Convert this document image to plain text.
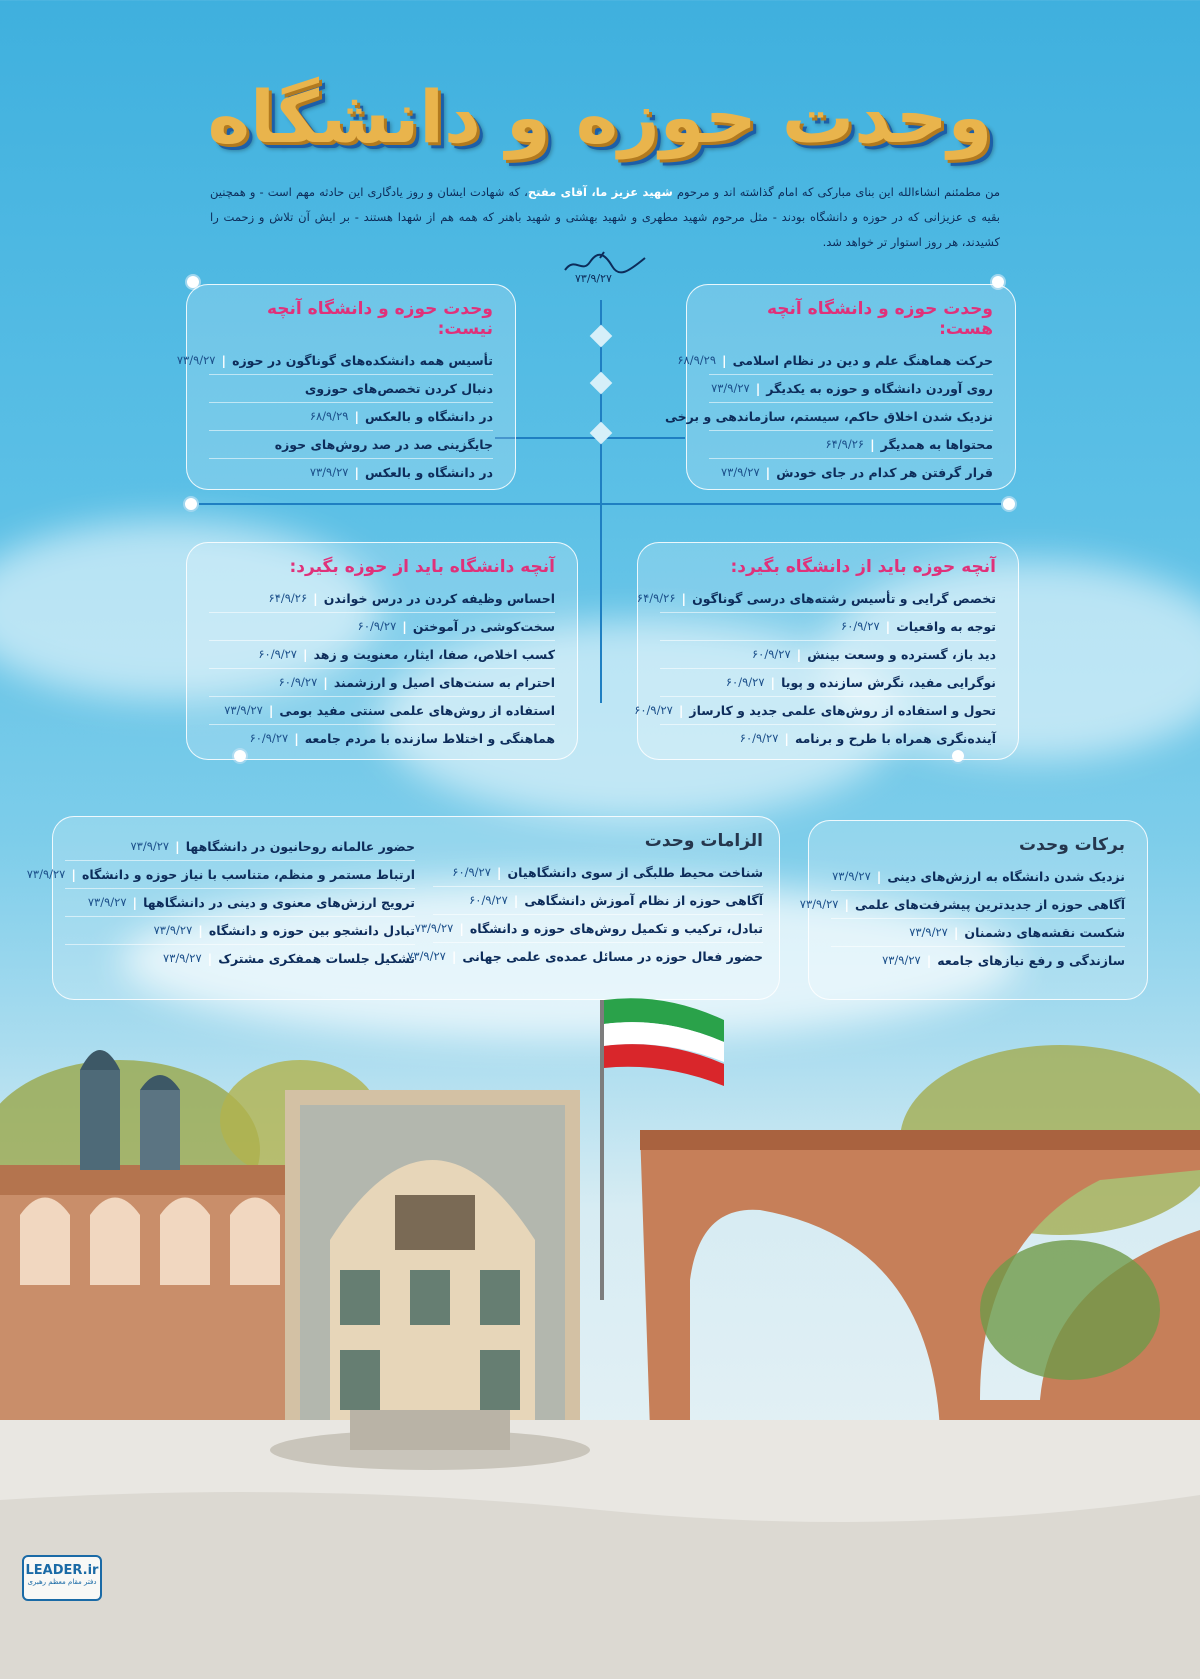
وحدت حوزه و دانشگاه
من مطمئنم انشاءالله این بنای مبارکی که امام گذاشته اند و مرحوم شهید عزیز ما، آقای مفتح، که شهادت ایشان و روز یادگاری این حادثه مهم است - و همچنین بقیه ی عزیزانی که در حوزه و دانشگاه بودند - مثل مرحوم شهید مطهری و شهید بهشتی و شهید باهنر که همه هم از شهدا هستند - بر ایش آن تلاش و زحمت را کشیدند، هر روز استوار تر خواهد شد.
۷۳/۹/۲۷
وحدت حوزه و دانشگاه آنچه هست:
حرکت هماهنگ علم و دین در نظام اسلامی
|
۶۸/۹/۲۹
روی آوردن دانشگاه و حوزه به یکدیگر
|
۷۳/۹/۲۷
نزدیک شدن اخلاق حاکم، سیستم، سازماندهی و برخی
محتواها به همدیگر
|
۶۴/۹/۲۶
قرار گرفتن هر کدام در جای خودش
|
۷۳/۹/۲۷
وحدت حوزه و دانشگاه آنچه نیست:
تأسیس همه دانشکده‌های گوناگون در حوزه
|
۷۳/۹/۲۷
دنبال کردن تخصص‌های حوزوی
در دانشگاه و بالعکس
|
۶۸/۹/۲۹
جایگزینی صد در صد روش‌های حوزه
در دانشگاه و بالعکس
|
۷۳/۹/۲۷
آنچه حوزه باید از دانشگاه بگیرد:
تخصص گرایی و تأسیس رشته‌های درسی گوناگون
|
۶۴/۹/۲۶
توجه به واقعیات
|
۶۰/۹/۲۷
دید باز، گسترده و وسعت بینش
|
۶۰/۹/۲۷
نوگرایی مفید، نگرش سازنده و پویا
|
۶۰/۹/۲۷
تحول و استفاده از روش‌های علمی جدید و کارساز
|
۶۰/۹/۲۷
آینده‌نگری همراه با طرح و برنامه
|
۶۰/۹/۲۷
آنچه دانشگاه باید از حوزه بگیرد:
احساس وظیفه کردن در درس خواندن
|
۶۴/۹/۲۶
سخت‌کوشی در آموختن
|
۶۰/۹/۲۷
کسب اخلاص، صفا، ایثار، معنویت و زهد
|
۶۰/۹/۲۷
احترام به سنت‌های اصیل و ارزشمند
|
۶۰/۹/۲۷
استفاده از روش‌های علمی سنتی مفید بومی
|
۷۳/۹/۲۷
هماهنگی و اختلاط سازنده با مردم جامعه
|
۶۰/۹/۲۷
برکات وحدت
نزدیک شدن دانشگاه به ارزش‌های دینی
|
۷۳/۹/۲۷
آگاهی حوزه از جدیدترین پیشرفت‌های علمی
|
۷۳/۹/۲۷
شکست نقشه‌های دشمنان
|
۷۳/۹/۲۷
سازندگی و رفع نیازهای جامعه
|
۷۳/۹/۲۷
الزامات وحدت
شناخت محیط طلبگی از سوی دانشگاهیان
|
۶۰/۹/۲۷
آگاهی حوزه از نظام آموزش دانشگاهی
|
۶۰/۹/۲۷
تبادل، ترکیب و تکمیل روش‌های حوزه و دانشگاه
|
۷۳/۹/۲۷
حضور فعال حوزه در مسائل عمده‌ی علمی جهانی
|
۷۳/۹/۲۷
حضور عالمانه روحانیون در دانشگاهها
|
۷۳/۹/۲۷
ارتباط مستمر و منظم، متناسب با نیاز حوزه و دانشگاه
|
۷۳/۹/۲۷
ترویج ارزش‌های معنوی و دینی در دانشگاهها
|
۷۳/۹/۲۷
تبادل دانشجو بین حوزه و دانشگاه
|
۷۳/۹/۲۷
تشکیل جلسات همفکری مشترک
|
۷۳/۹/۲۷
LEADER.ir
دفتر مقام معظم رهبری
